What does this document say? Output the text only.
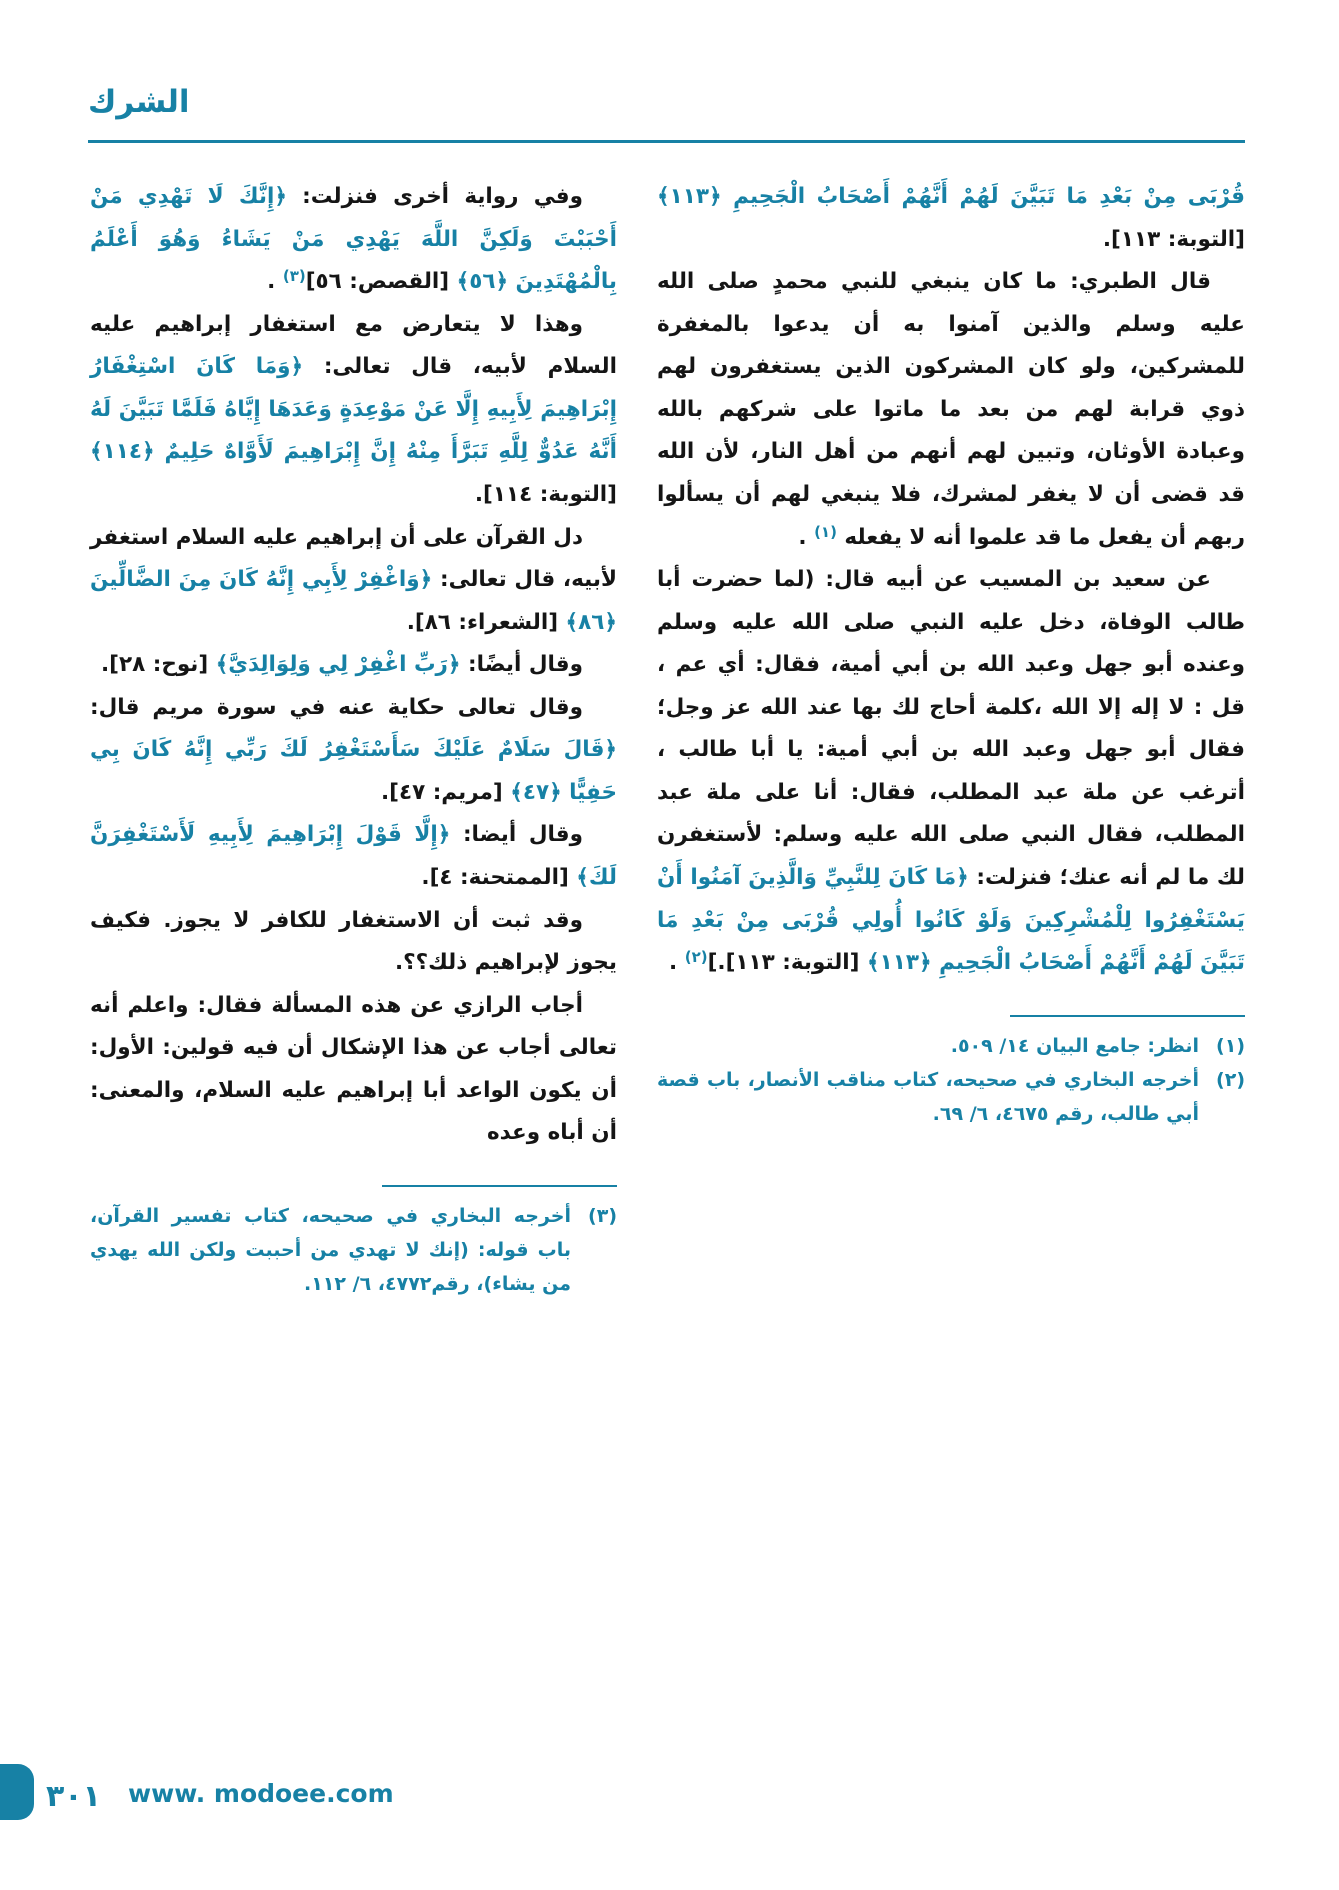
الشرك

قُرْبَى مِنْ بَعْدِ مَا تَبَيَّنَ لَهُمْ أَنَّهُمْ أَصْحَابُ الْجَحِيمِ ﴿١١٣﴾ [التوبة: ١١٣].

قال الطبري: ما كان ينبغي للنبي محمدٍ صلى الله عليه وسلم والذين آمنوا به أن يدعوا بالمغفرة للمشركين، ولو كان المشركون الذين يستغفرون لهم ذوي قرابة لهم من بعد ما ماتوا على شركهم بالله وعبادة الأوثان، وتبين لهم أنهم من أهل النار، لأن الله قد قضى أن لا يغفر لمشرك، فلا ينبغي لهم أن يسألوا ربهم أن يفعل ما قد علموا أنه لا يفعله $^{(١)}$ .

عن سعيد بن المسيب عن أبيه قال: (لما حضرت أبا طالب الوفاة، دخل عليه النبي صلى الله عليه وسلم وعنده أبو جهل وعبد الله بن أبي أمية، فقال: أي عم ، قل : لا إله إلا الله ،كلمة أحاج لك بها عند الله عز وجل؛ فقال أبو جهل وعبد الله بن أبي أمية: يا أبا طالب ، أترغب عن ملة عبد المطلب، فقال: أنا على ملة عبد المطلب، فقال النبي صلى الله عليه وسلم: لأستغفرن لك ما لم أنه عنك؛ فنزلت: ﴿مَا كَانَ لِلنَّبِيِّ وَالَّذِينَ آمَنُوا أَنْ يَسْتَغْفِرُوا لِلْمُشْرِكِينَ وَلَوْ كَانُوا أُولِي قُرْبَى مِنْ بَعْدِ مَا تَبَيَّنَ لَهُمْ أَنَّهُمْ أَصْحَابُ الْجَحِيمِ ﴿١١٣﴾ [التوبة: ١١٣].]$^{(٢)}$ .

(١)
انظر: جامع البيان ١٤/ ٥٠٩.
(٢)
أخرجه البخاري في صحيحه، كتاب مناقب الأنصار، باب قصة أبي طالب، رقم ٤٦٧٥، ٦/ ٦٩.

وفي رواية أخرى فنزلت: ﴿إِنَّكَ لَا تَهْدِي مَنْ أَحْبَبْتَ وَلَكِنَّ اللَّهَ يَهْدِي مَنْ يَشَاءُ وَهُوَ أَعْلَمُ بِالْمُهْتَدِينَ ﴿٥٦﴾ [القصص: ٥٦]$^{(٣)}$ .

وهذا لا يتعارض مع استغفار إبراهيم عليه السلام لأبيه، قال تعالى: ﴿وَمَا كَانَ اسْتِغْفَارُ إِبْرَاهِيمَ لِأَبِيهِ إِلَّا عَنْ مَوْعِدَةٍ وَعَدَهَا إِيَّاهُ فَلَمَّا تَبَيَّنَ لَهُ أَنَّهُ عَدُوٌّ لِلَّهِ تَبَرَّأَ مِنْهُ إِنَّ إِبْرَاهِيمَ لَأَوَّاهٌ حَلِيمٌ ﴿١١٤﴾ [التوبة: ١١٤].

دل القرآن على أن إبراهيم عليه السلام استغفر لأبيه، قال تعالى: ﴿وَاغْفِرْ لِأَبِي إِنَّهُ كَانَ مِنَ الضَّالِّينَ ﴿٨٦﴾ [الشعراء: ٨٦].

وقال أيضًا: ﴿رَبِّ اغْفِرْ لِي وَلِوَالِدَيَّ﴾ [نوح: ٢٨].

وقال تعالى حكاية عنه في سورة مريم قال: ﴿قَالَ سَلَامٌ عَلَيْكَ سَأَسْتَغْفِرُ لَكَ رَبِّي إِنَّهُ كَانَ بِي حَفِيًّا ﴿٤٧﴾ [مريم: ٤٧].

وقال أيضا: ﴿إِلَّا قَوْلَ إِبْرَاهِيمَ لِأَبِيهِ لَأَسْتَغْفِرَنَّ لَكَ﴾ [الممتحنة: ٤].

وقد ثبت أن الاستغفار للكافر لا يجوز. فكيف يجوز لإبراهيم ذلك؟؟.

أجاب الرازي عن هذه المسألة فقال: واعلم أنه تعالى أجاب عن هذا الإشكال أن فيه قولين: الأول: أن يكون الواعد أبا إبراهيم عليه السلام، والمعنى: أن أباه وعده

(٣)
أخرجه البخاري في صحيحه، كتاب تفسير القرآن، باب قوله: (إنك لا تهدي من أحببت ولكن الله يهدي من يشاء)، رقم٤٧٧٢، ٦/ ١١٢.
٣٠١ www. modoee.com
